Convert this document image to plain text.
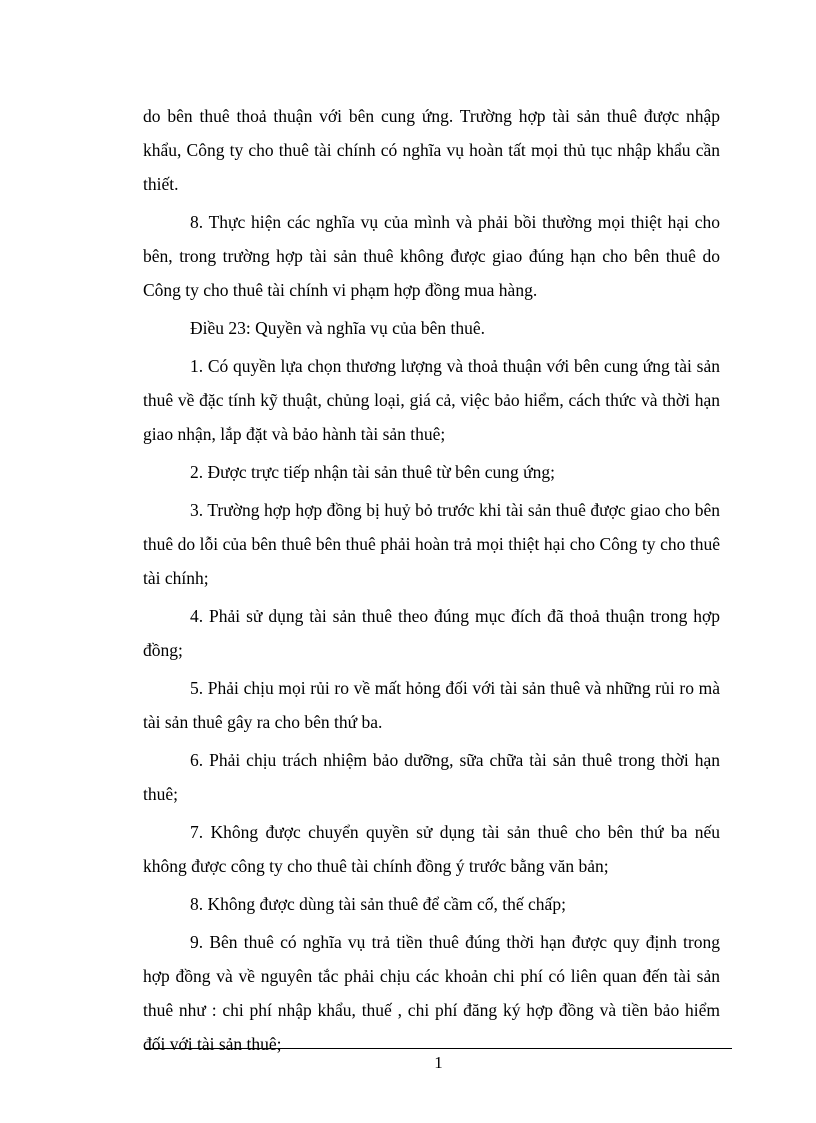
do bên thuê thoả thuận với bên cung ứng. Trường hợp tài sản thuê được nhập khẩu, Công ty cho thuê tài chính có nghĩa vụ hoàn tất mọi thủ tục nhập khẩu cần thiết.

8. Thực hiện các nghĩa vụ của mình và phải bồi thường mọi thiệt hại cho bên, trong trường hợp tài sản thuê không được giao đúng hạn cho bên thuê do Công ty cho thuê tài chính vi phạm hợp đồng mua hàng.

Điều 23: Quyền và nghĩa vụ của bên thuê.

1. Có quyền lựa chọn thương lượng và thoả thuận với bên cung ứng tài sản thuê về đặc tính kỹ thuật, chủng loại, giá cả, việc bảo hiểm, cách thức và thời hạn giao nhận, lắp đặt và bảo hành tài sản thuê;

2. Được trực tiếp nhận tài sản thuê từ bên cung ứng;

3. Trường hợp hợp đồng bị huỷ bỏ trước khi tài sản thuê được giao cho bên thuê do lỗi của bên thuê bên thuê phải hoàn trả mọi thiệt hại cho Công ty cho thuê tài chính;

4. Phải sử dụng tài sản thuê theo đúng mục đích đã thoả thuận trong hợp đồng;

5. Phải chịu mọi rủi ro về mất hỏng đối với tài sản thuê và những rủi ro mà tài sản thuê gây ra cho bên thứ ba.

6. Phải chịu trách nhiệm bảo dưỡng, sữa chữa tài sản thuê trong thời hạn thuê;

7. Không được chuyển quyền sử dụng tài sản thuê cho bên thứ ba nếu không được công ty cho thuê tài chính đồng ý trước bằng văn bản;

8. Không được dùng tài sản thuê để cầm cố, thế chấp;

9. Bên thuê có nghĩa vụ trả tiền thuê đúng thời hạn được quy định trong hợp đồng và về nguyên tắc phải chịu các khoản chi phí có liên quan đến tài sản thuê như : chi phí nhập khẩu, thuế , chi phí đăng ký hợp đồng và tiền bảo hiểm đối với tài sản thuê;

1
